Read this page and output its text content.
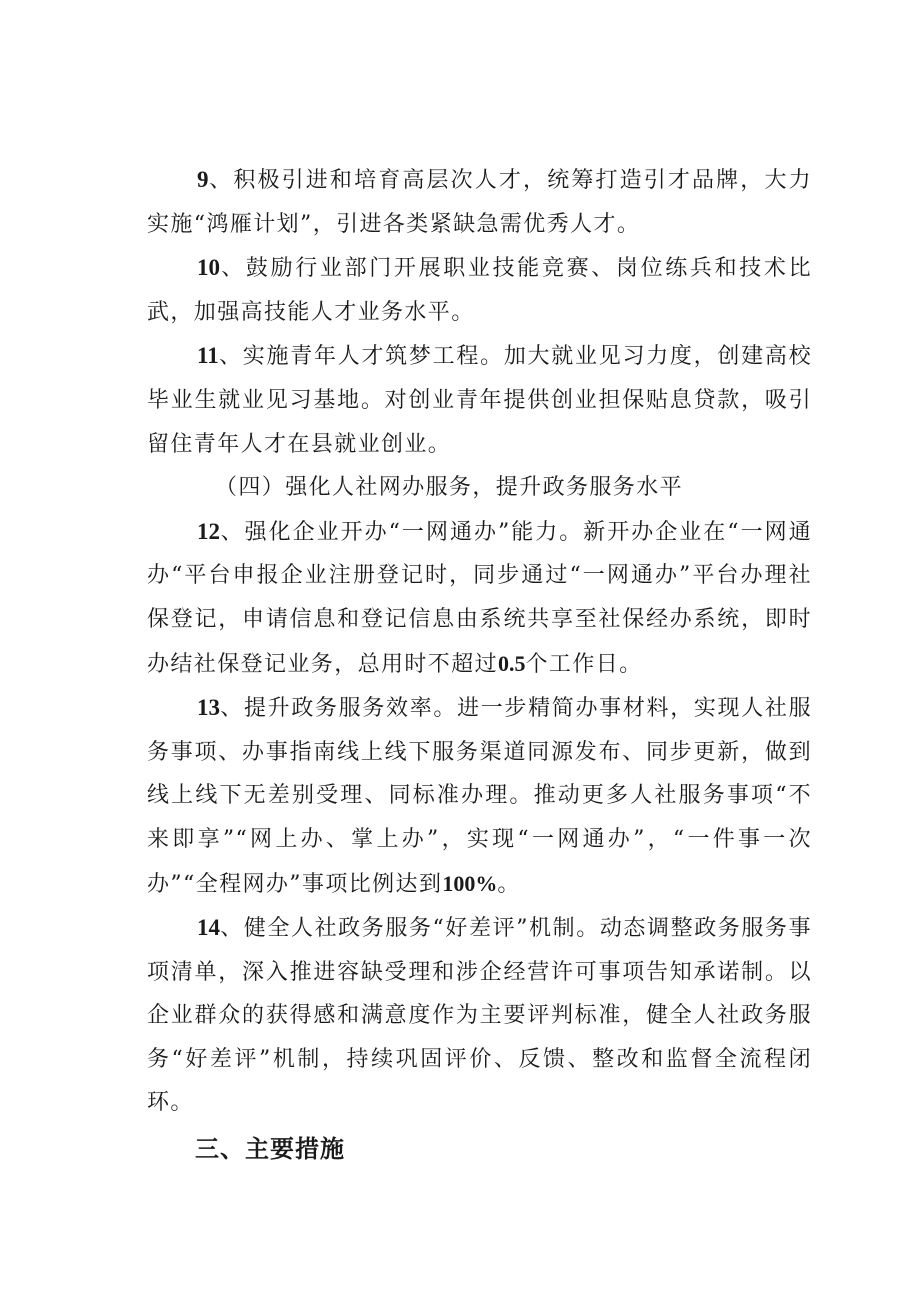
9、积极引进和培育高层次人才，统筹打造引才品牌，大力实施“鸿雁计划”，引进各类紧缺急需优秀人才。

10、鼓励行业部门开展职业技能竞赛、岗位练兵和技术比武，加强高技能人才业务水平。

11、实施青年人才筑梦工程。加大就业见习力度，创建高校毕业生就业见习基地。对创业青年提供创业担保贴息贷款，吸引留住青年人才在县就业创业。

（四）强化人社网办服务，提升政务服务水平

12、强化企业开办“一网通办”能力。新开办企业在“一网通办“平台申报企业注册登记时，同步通过“一网通办”平台办理社保登记，申请信息和登记信息由系统共享至社保经办系统，即时办结社保登记业务，总用时不超过0.5个工作日。

13、提升政务服务效率。进一步精简办事材料，实现人社服务事项、办事指南线上线下服务渠道同源发布、同步更新，做到线上线下无差别受理、同标准办理。推动更多人社服务事项“不来即享”“网上办、掌上办”，实现“一网通办”，“一件事一次办”“全程网办”事项比例达到100%。

14、健全人社政务服务“好差评”机制。动态调整政务服务事项清单，深入推进容缺受理和涉企经营许可事项告知承诺制。以企业群众的获得感和满意度作为主要评判标准，健全人社政务服务“好差评”机制，持续巩固评价、反馈、整改和监督全流程闭环。

三、主要措施
